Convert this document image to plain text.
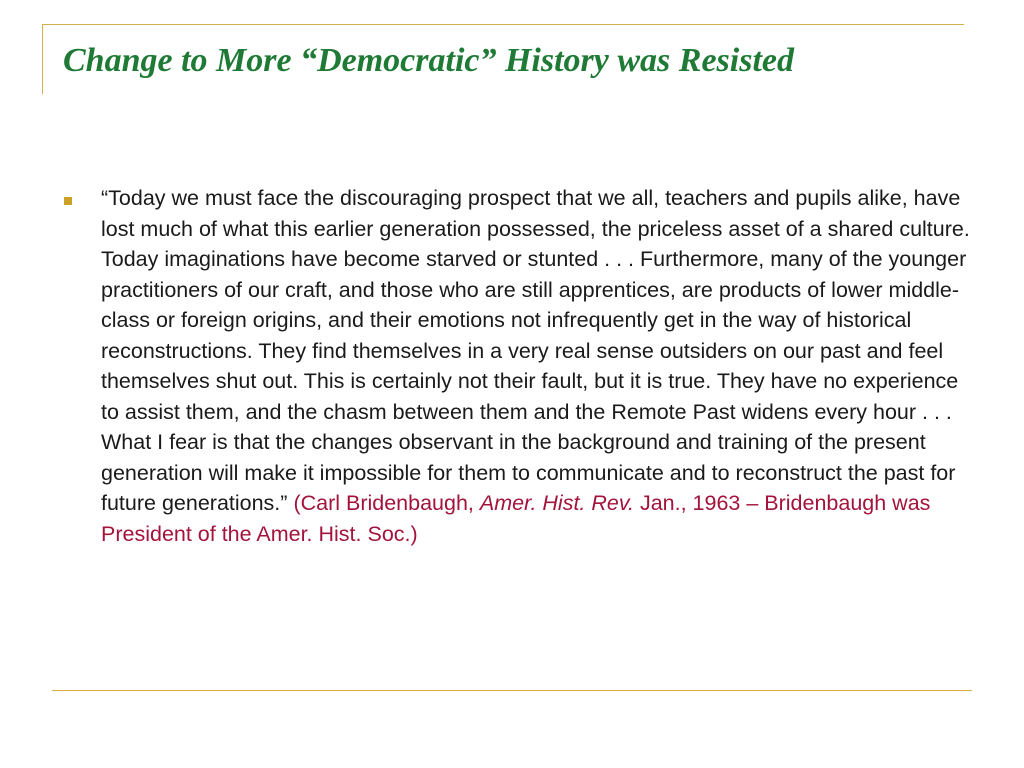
Change to More “Democratic” History was Resisted

“Today we must face the discouraging prospect that we all, teachers and pupils alike, have lost much of what this earlier generation possessed, the priceless asset of a shared culture. Today imaginations have become starved or stunted . . . Furthermore, many of the younger practitioners of our craft, and those who are still apprentices, are products of lower middle-class or foreign origins, and their emotions not infrequently get in the way of historical reconstructions. They find themselves in a very real sense outsiders on our past and feel themselves shut out. This is certainly not their fault, but it is true. They have no experience to assist them, and the chasm between them and the Remote Past widens every hour . . . What I fear is that the changes observant in the background and training of the present generation will make it impossible for them to communicate and to reconstruct the past for future generations.” (Carl Bridenbaugh, Amer. Hist. Rev. Jan., 1963 – Bridenbaugh was President of the Amer. Hist. Soc.)
